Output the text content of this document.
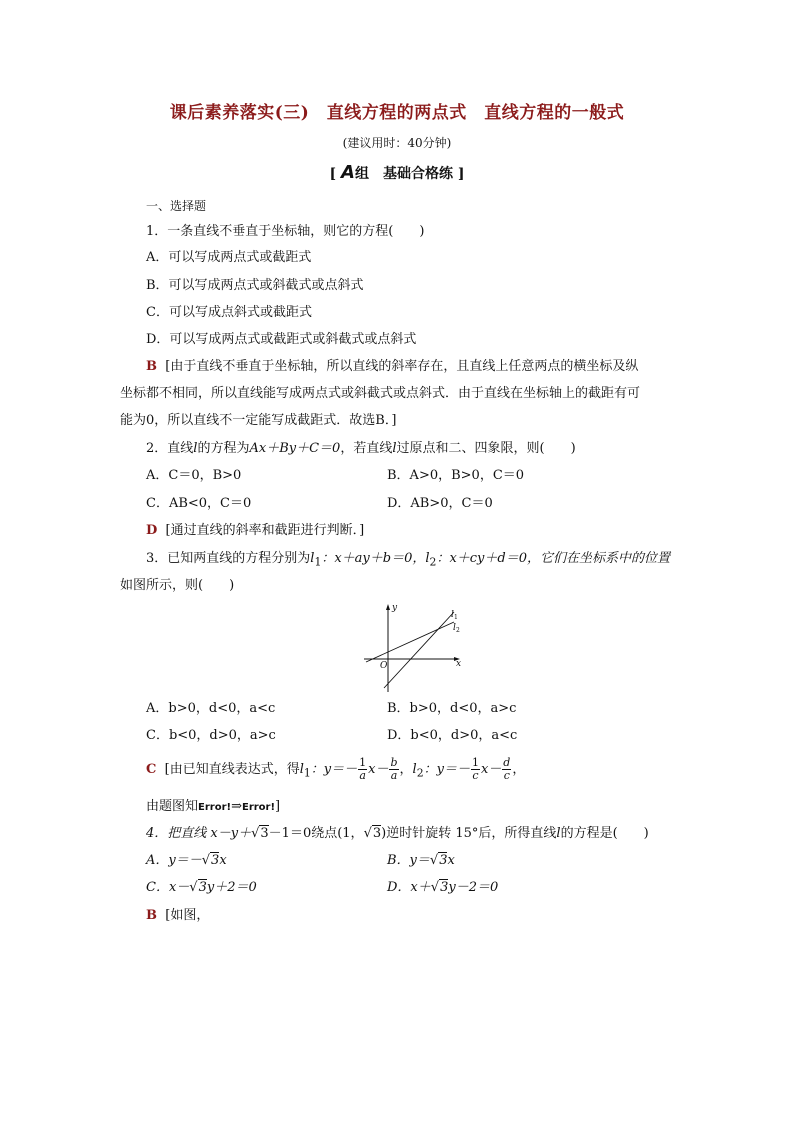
课后素养落实(三)　直线方程的两点式　直线方程的一般式
(建议用时：40分钟)
[ A组　基础合格练 ]
一、选择题
1．一条直线不垂直于坐标轴，则它的方程(　　)
A．可以写成两点式或截距式
B．可以写成两点式或斜截式或点斜式
C．可以写成点斜式或截距式
D．可以写成两点式或截距式或斜截式或点斜式
B [由于直线不垂直于坐标轴，所以直线的斜率存在，且直线上任意两点的横坐标及纵
坐标都不相同，所以直线能写成两点式或斜截式或点斜式．由于直线在坐标轴上的截距有可
能为0，所以直线不一定能写成截距式．故选B．]
2．直线l的方程为Ax＋By＋C＝0，若直线l过原点和二、四象限，则(　　)
A．C＝0，B>0	B．A>0，B>0，C＝0
C．AB<0，C＝0	D．AB>0，C＝0
D [通过直线的斜率和截距进行判断．]
3．已知两直线的方程分别为$l_1$：x＋ay＋b＝0，$l_2$：x＋cy＋d＝0，它们在坐标系中的位置
如图所示，则(　　)
y
x
O
l 1
l 2
A．b>0，d<0，a<c	B．b>0，d<0，a>c
C．b<0，d>0，a>c	D．b<0，d>0，a<c
C [由已知直线表达式，得$l_1$：$y=- \frac{1}{a} x- \frac{b}{a}$ ，$l_2$：$y=- \frac{1}{c} x- \frac{d}{c}$ ，
由题图知Error!⇒Error!]
4．把直线 x－y＋√3－1＝0绕点(1，√3)逆时针旋转 15°后，所得直线l的方程是(　　)
A．y＝－√3x	B．y＝√3x
C．x－√3y＋2＝0	D．x＋√3y－2＝0
B [如图，
